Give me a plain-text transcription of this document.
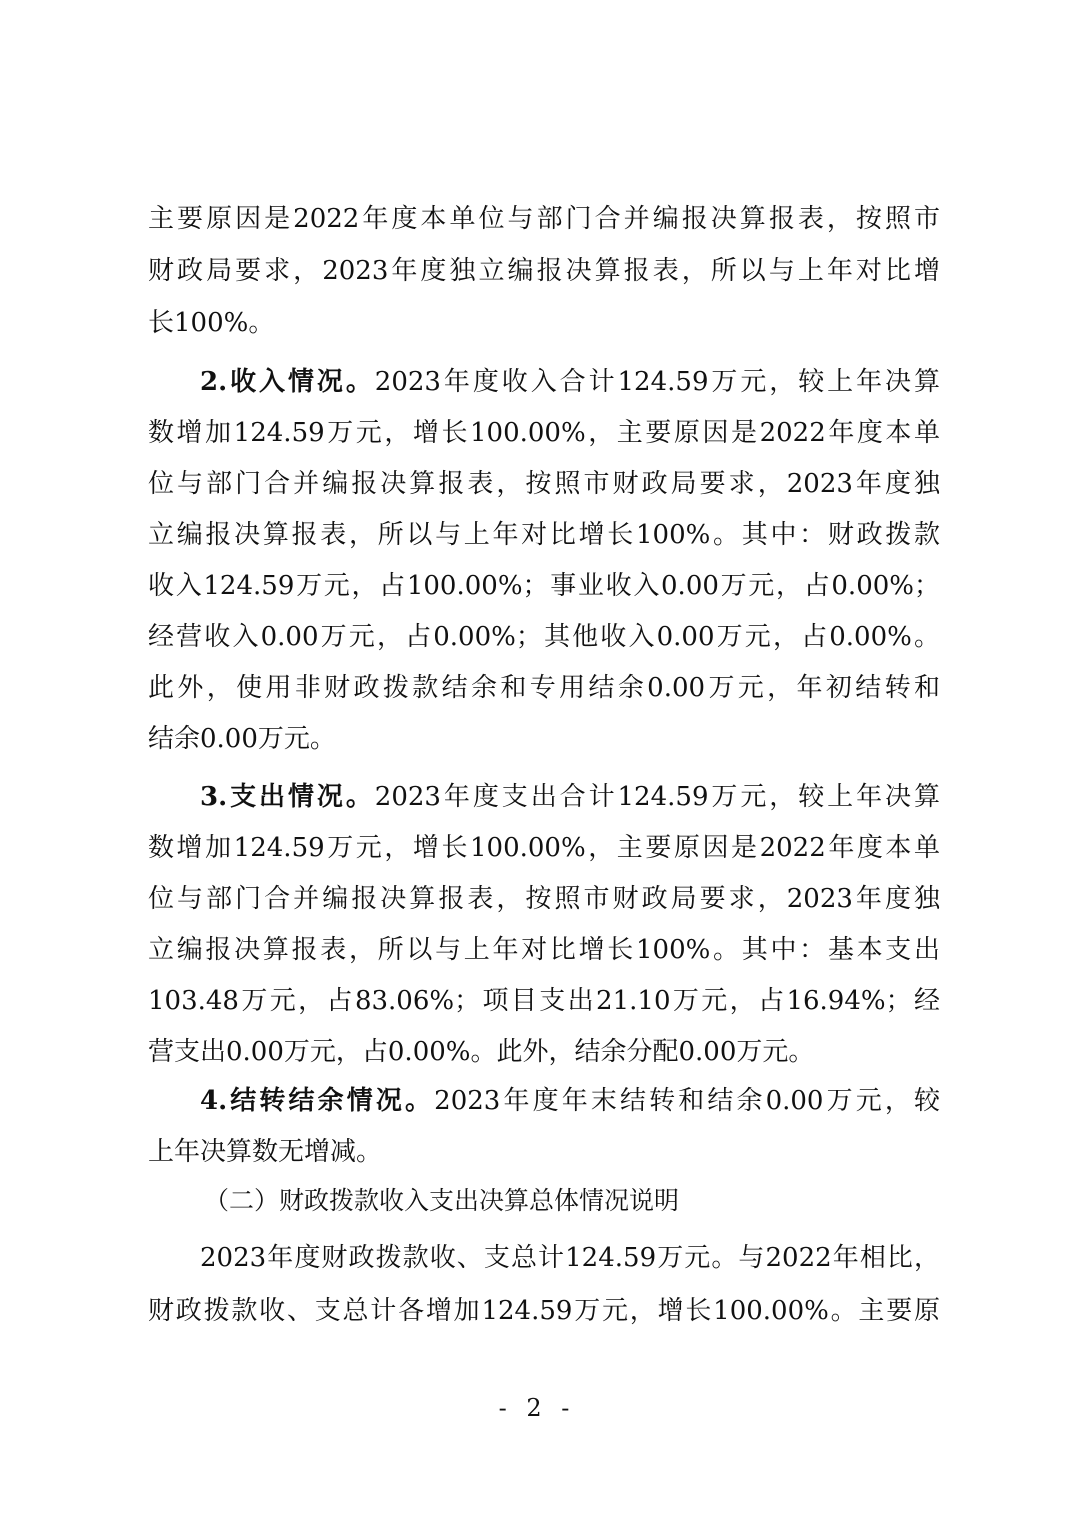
主要原因是2022年度本单位与部门合并编报决算报表，按照市
财政局要求，2023年度独立编报决算报表，所以与上年对比增
长100%。
2.收入情况。2023年度收入合计124.59万元，较上年决算
数增加124.59万元，增长100.00%，主要原因是2022年度本单
位与部门合并编报决算报表，按照市财政局要求，2023年度独
立编报决算报表，所以与上年对比增长100%。其中：财政拨款
收入124.59万元，占100.00%；事业收入0.00万元，占0.00%；
经营收入0.00万元，占0.00%；其他收入0.00万元，占0.00%。
此外，使用非财政拨款结余和专用结余0.00万元，年初结转和
结余0.00万元。
3.支出情况。2023年度支出合计124.59万元，较上年决算
数增加124.59万元，增长100.00%，主要原因是2022年度本单
位与部门合并编报决算报表，按照市财政局要求，2023年度独
立编报决算报表，所以与上年对比增长100%。其中：基本支出
103.48万元，占83.06%；项目支出21.10万元，占16.94%；经
营支出0.00万元，占0.00%。此外，结余分配0.00万元。
4.结转结余情况。2023年度年末结转和结余0.00万元，较
上年决算数无增减。
（二）财政拨款收入支出决算总体情况说明
2023年度财政拨款收、支总计124.59万元。与2022年相比，
财政拨款收、支总计各增加124.59万元，增长100.00%。主要原
- 2 -
